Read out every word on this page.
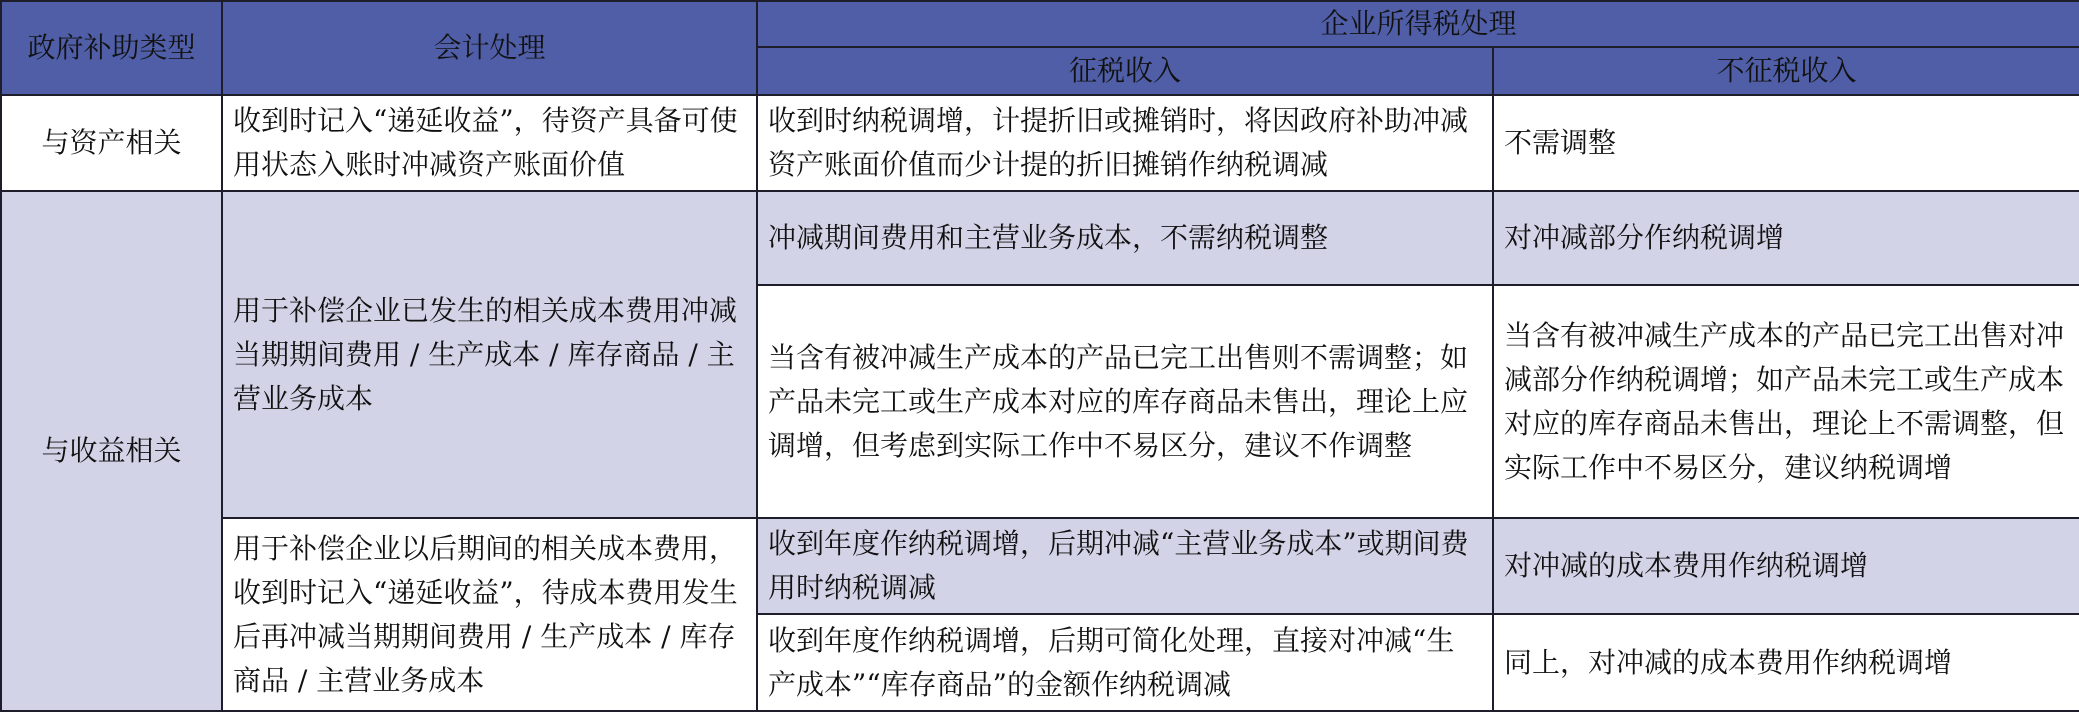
政府补助类型	会计处理	企业所得税处理	
		征税收入	不征税收入
与资产相关	收到时记入“递延收益”，待资产具备可使用状态入账时冲减资产账面价值	收到时纳税调增，计提折旧或摊销时，将因政府补助冲减资产账面价值而少计提的折旧摊销作纳税调减	不需调整
与收益相关	用于补偿企业已发生的相关成本费用冲减当期期间费用 / 生产成本 / 库存商品 / 主营业务成本	冲减期间费用和主营业务成本，不需纳税调整	对冲减部分作纳税调增
		当含有被冲减生产成本的产品已完工出售则不需调整；如产品未完工或生产成本对应的库存商品未售出，理论上应调增，但考虑到实际工作中不易区分，建议不作调整	当含有被冲减生产成本的产品已完工出售对冲减部分作纳税调增；如产品未完工或生产成本对应的库存商品未售出，理论上不需调整，但实际工作中不易区分，建议纳税调增
	用于补偿企业以后期间的相关成本费用，收到时记入“递延收益”，待成本费用发生后再冲减当期期间费用 / 生产成本 / 库存商品 / 主营业务成本	收到年度作纳税调增，后期冲减“主营业务成本”或期间费用时纳税调减	对冲减的成本费用作纳税调增
		收到年度作纳税调增，后期可简化处理，直接对冲减“生产成本”“库存商品”的金额作纳税调减	同上，对冲减的成本费用作纳税调增
